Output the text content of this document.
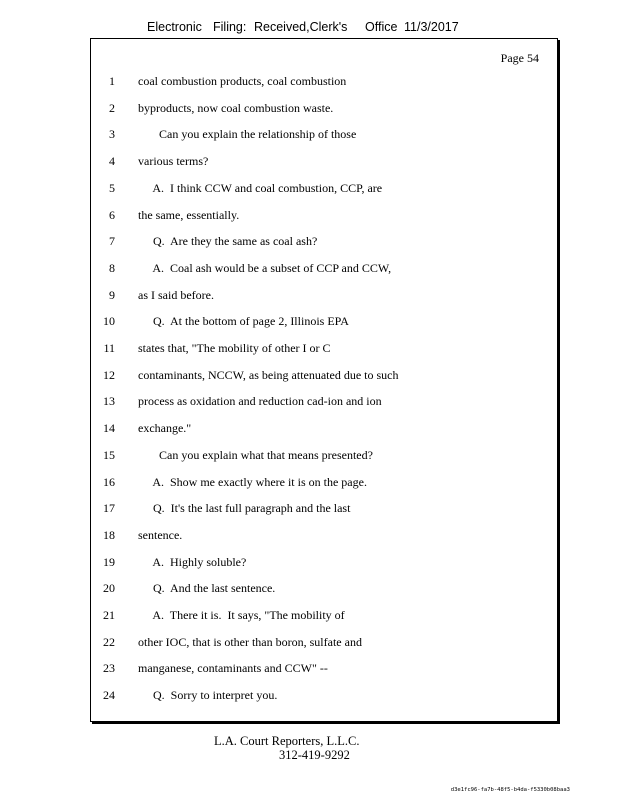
Electronic

Filing:

Received,Clerk's

Office

11/3/2017

Page 54
1 coal combustion products, coal combustion
2 byproducts, now coal combustion waste.
3 Can you explain the relationship of those
4 various terms?
5 A.  I think CCW and coal combustion, CCP, are
6 the same, essentially.
7 Q.  Are they the same as coal ash?
8 A.  Coal ash would be a subset of CCP and CCW,
9 as I said before.
10 Q.  At the bottom of page 2, Illinois EPA
11 states that, "The mobility of other I or C
12 contaminants, NCCW, as being attenuated due to such
13 process as oxidation and reduction cad-ion and ion
14 exchange."
15 Can you explain what that means presented?
16 A.  Show me exactly where it is on the page.
17 Q.  It's the last full paragraph and the last
18 sentence.
19 A.  Highly soluble?
20 Q.  And the last sentence.
21 A.  There it is.  It says, "The mobility of
22 other IOC, that is other than boron, sulfate and
23 manganese, contaminants and CCW" --
24 Q.  Sorry to interpret you.
L.A. Court Reporters, L.L.C.
312-419-9292
d3e1fc96-fa7b-48f5-b4da-f5330b08baa3
